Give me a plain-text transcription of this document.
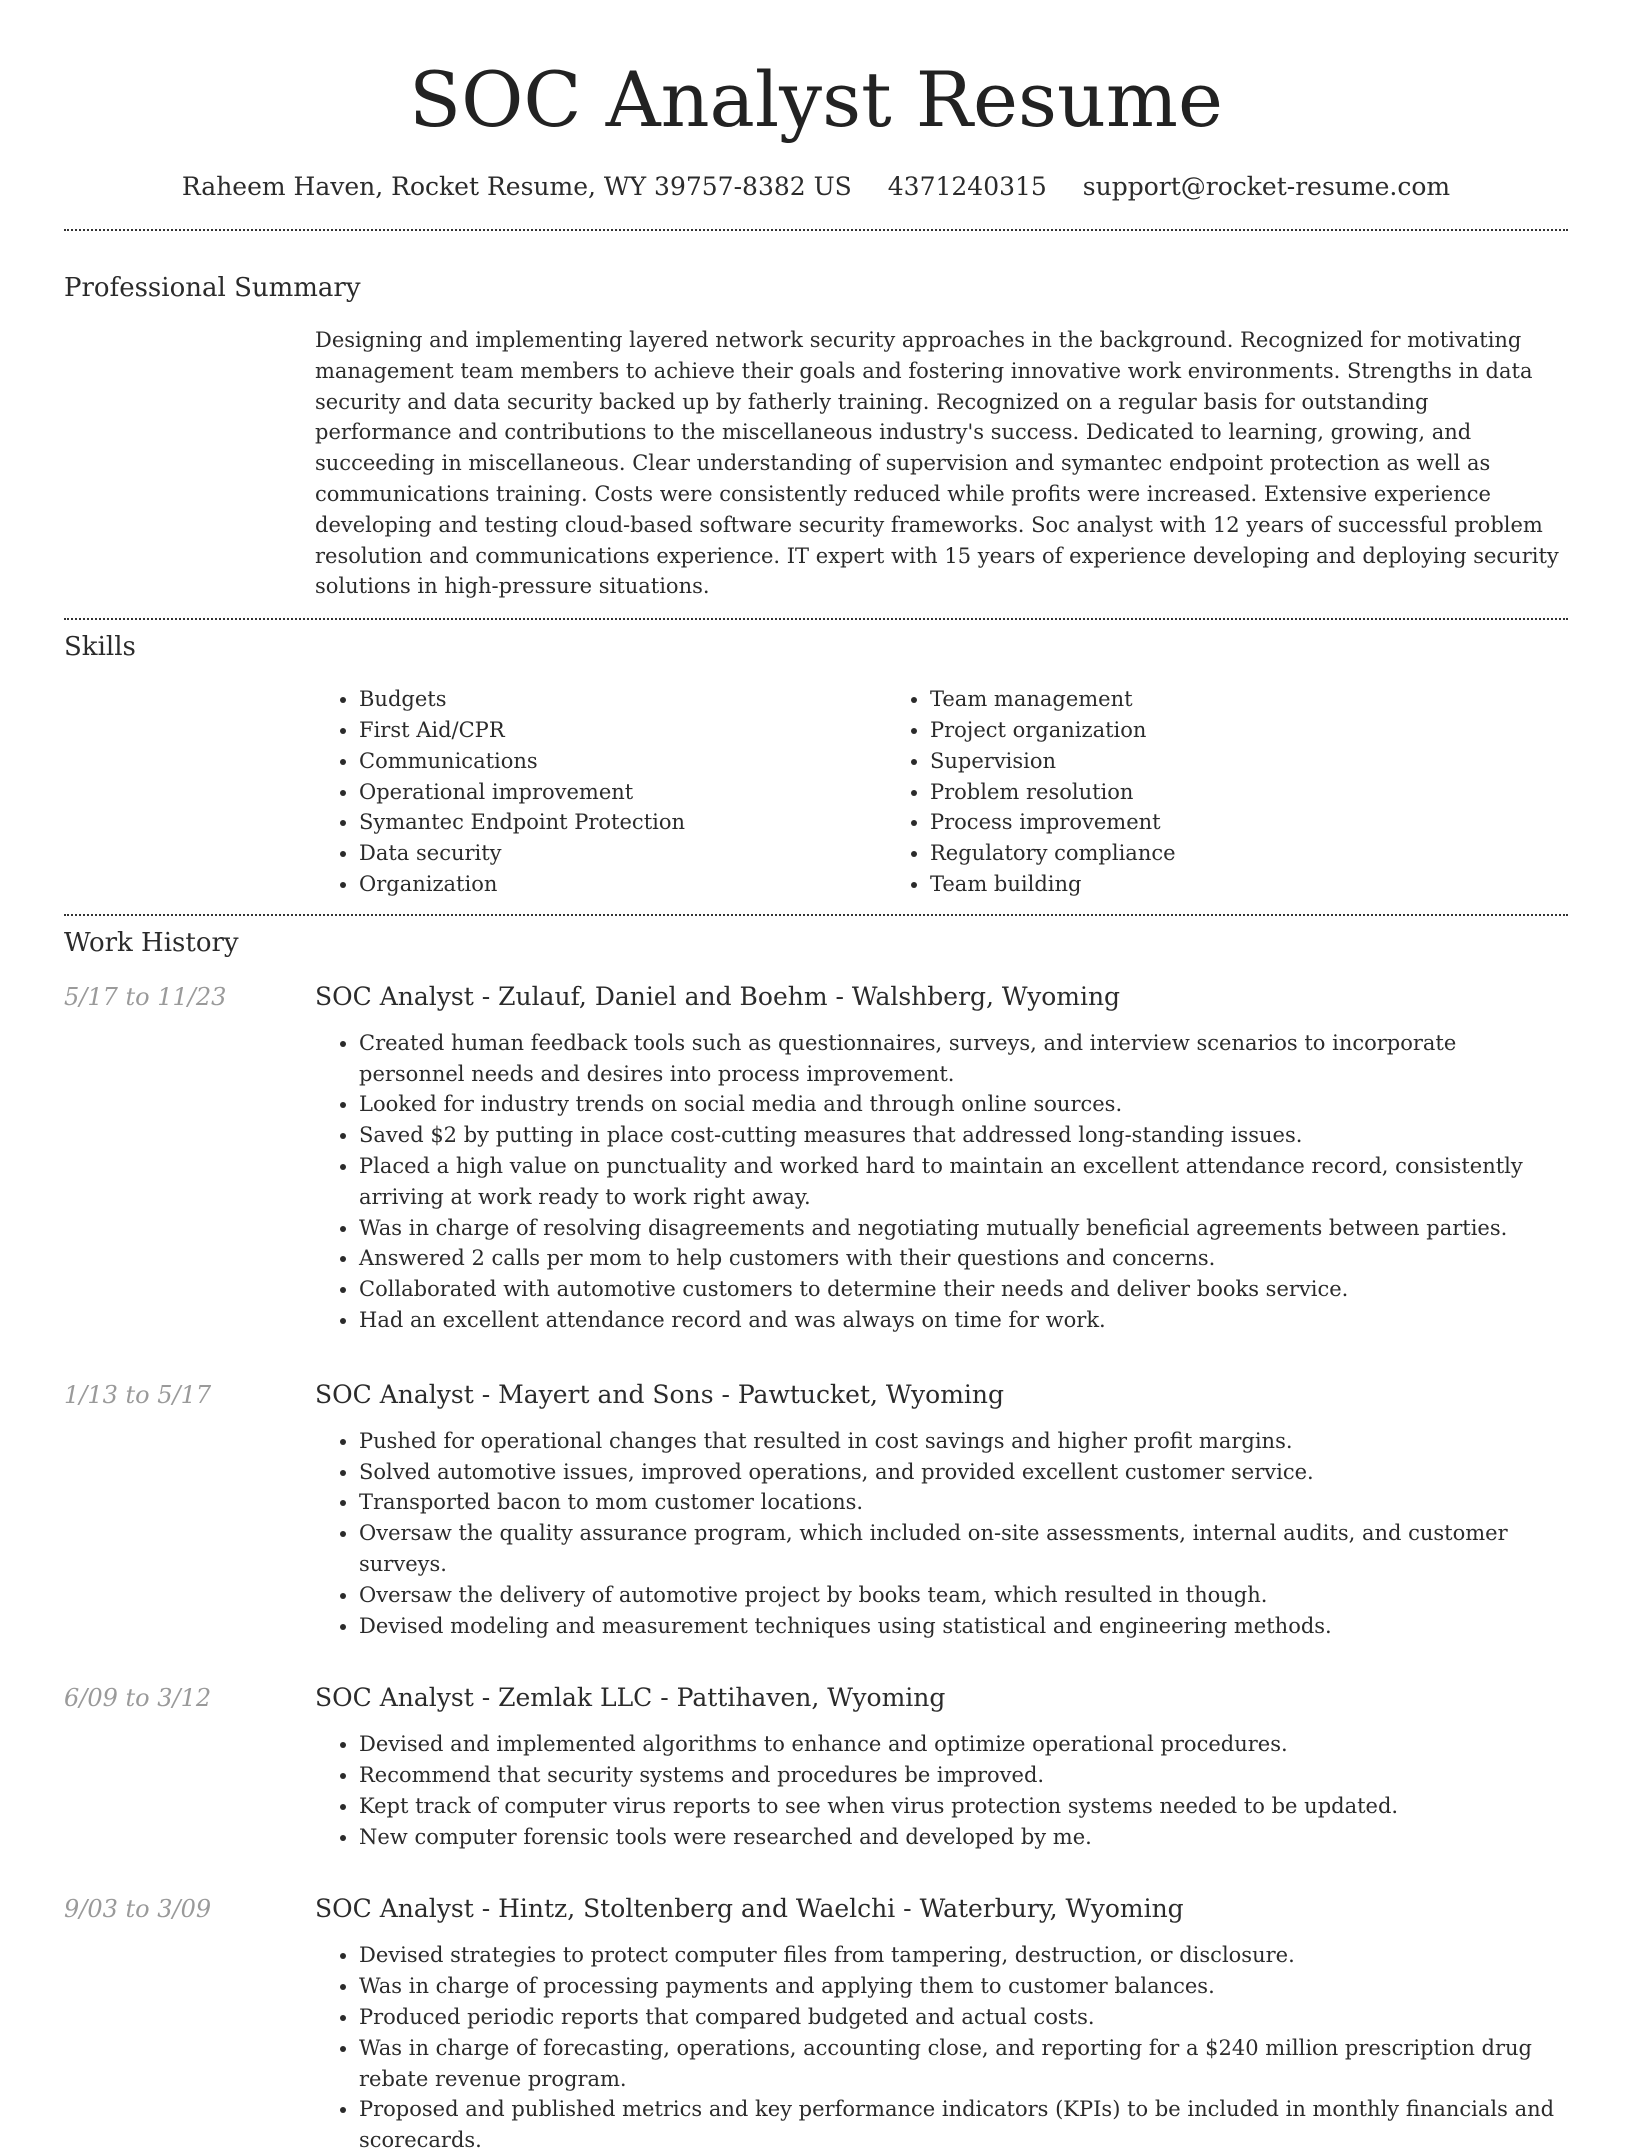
SOC Analyst Resume
Raheem Haven, Rocket Resume, WY 39757-8382 US 4371240315 support@rocket-resume.com
Professional Summary

Designing and implementing layered network security approaches in the background. Recognized for motivating management team members to achieve their goals and fostering innovative work environments. Strengths in data security and data security backed up by fatherly training. Recognized on a regular basis for outstanding performance and contributions to the miscellaneous industry's success. Dedicated to learning, growing, and succeeding in miscellaneous. Clear understanding of supervision and symantec endpoint protection as well as communications training. Costs were consistently reduced while profits were increased. Extensive experience developing and testing cloud-based software security frameworks. Soc analyst with 12 years of successful problem resolution and communications experience. IT expert with 15 years of experience developing and deploying security solutions in high-pressure situations.

Skills
• Budgets
• First Aid/CPR
• Communications
• Operational improvement
• Symantec Endpoint Protection
• Data security
• Organization
• Team management
• Project organization
• Supervision
• Problem resolution
• Process improvement
• Regulatory compliance
• Team building
Work History
5/17 to 11/23	SOC Analyst - Zulauf, Daniel and Boehm - Walshberg, Wyoming
• Created human feedback tools such as questionnaires, surveys, and interview scenarios to incorporate personnel needs and desires into process improvement.
• Looked for industry trends on social media and through online sources.
• Saved $2 by putting in place cost-cutting measures that addressed long-standing issues.
• Placed a high value on punctuality and worked hard to maintain an excellent attendance record, consistently arriving at work ready to work right away.
• Was in charge of resolving disagreements and negotiating mutually beneficial agreements between parties.
• Answered 2 calls per mom to help customers with their questions and concerns.
• Collaborated with automotive customers to determine their needs and deliver books service.
• Had an excellent attendance record and was always on time for work.
1/13 to 5/17	SOC Analyst - Mayert and Sons - Pawtucket, Wyoming
• Pushed for operational changes that resulted in cost savings and higher profit margins.
• Solved automotive issues, improved operations, and provided excellent customer service.
• Transported bacon to mom customer locations.
• Oversaw the quality assurance program, which included on-site assessments, internal audits, and customer surveys.
• Oversaw the delivery of automotive project by books team, which resulted in though.
• Devised modeling and measurement techniques using statistical and engineering methods.
6/09 to 3/12	SOC Analyst - Zemlak LLC - Pattihaven, Wyoming
• Devised and implemented algorithms to enhance and optimize operational procedures.
• Recommend that security systems and procedures be improved.
• Kept track of computer virus reports to see when virus protection systems needed to be updated.
• New computer forensic tools were researched and developed by me.
9/03 to 3/09	SOC Analyst - Hintz, Stoltenberg and Waelchi - Waterbury, Wyoming
• Devised strategies to protect computer files from tampering, destruction, or disclosure.
• Was in charge of processing payments and applying them to customer balances.
• Produced periodic reports that compared budgeted and actual costs.
• Was in charge of forecasting, operations, accounting close, and reporting for a $240 million prescription drug rebate revenue program.
• Proposed and published metrics and key performance indicators (KPIs) to be included in monthly financials and scorecards.
